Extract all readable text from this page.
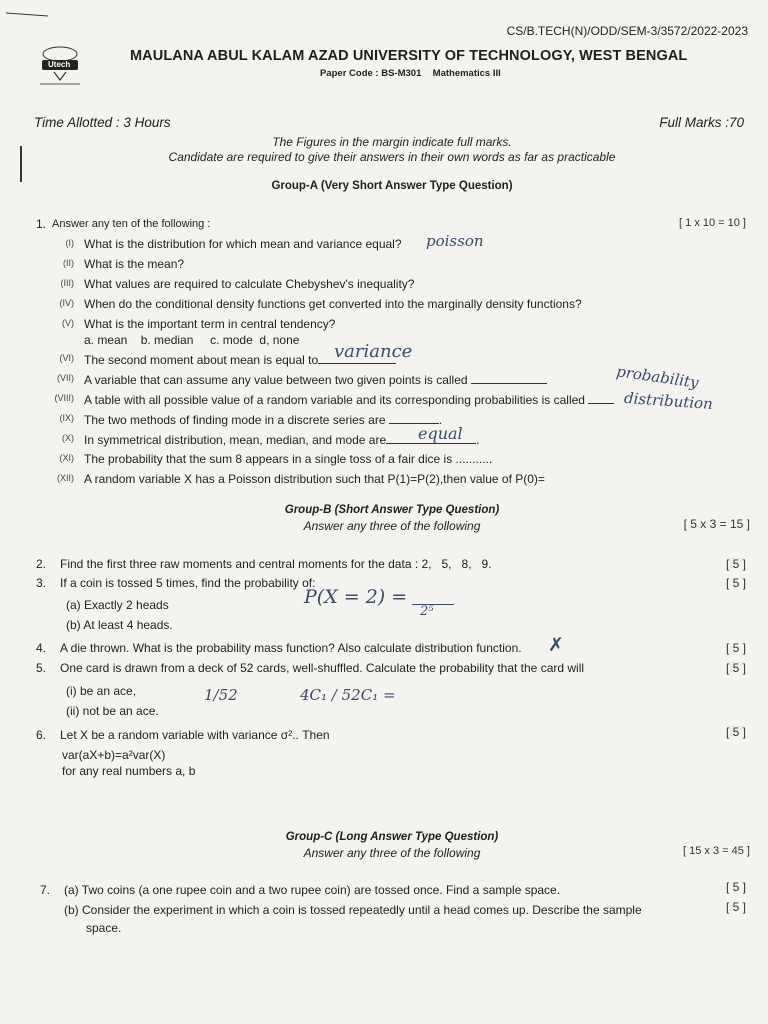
CS/B.TECH(N)/ODD/SEM-3/3572/2022-2023
Utech
MAULANA ABUL KALAM AZAD UNIVERSITY OF TECHNOLOGY, WEST BENGAL
Paper Code : BS-M301 Mathematics III
Time Allotted : 3 Hours	Full Marks :70
The Figures in the margin indicate full marks.
Candidate are required to give their answers in their own words as far as practicable
Group-A (Very Short Answer Type Question)
1. Answer any ten of the following :	[ 1 x 10 = 10 ]
(I) What is the distribution for which mean and variance equal? poisson
(II) What is the mean?
(III) What values are required to calculate Chebyshev's inequality?
(IV) When do the conditional density functions get converted into the marginally density functions?
(V) What is the important term in central tendency?
a. mean    b. median     c. mode  d, none
(VI) The second moment about mean is equal to variance
(VII) A variable that can assume any value between two given points is called	probability
distribution
(VIII) A table with all possible value of a random variable and its corresponding probabilities is called
(IX) The two methods of finding mode in a discrete series are	.
(X) In symmetrical distribution, mean, median, and mode are	.
equal
(XI) The probability that the sum 8 appears in a single toss of a fair dice is ...........
(XII) A random variable X has a Poisson distribution such that P(1)=P(2),then value of P(0)=
Group-B (Short Answer Type Question)
Answer any three of the following	[ 5 x 3 = 15 ]
2. Find the first three raw moments and central moments for the data : 2,   5,   8,   9.	[ 5 ]
3. If a coin is tossed 5 times, find the probability of:	[ 5 ]
(a) Exactly 2 heads
(b) At least 4 heads.
P(X = 2) =
2⁵
4. A die thrown. What is the probability mass function? Also calculate distribution function. ✗	[ 5 ]
5. One card is drawn from a deck of 52 cards, well-shuffled. Calculate the probability that the card will	[ 5 ]
(i) be an ace,
(ii) not be an ace.
1/52	4C₁ / 52C₁ =
6. Let X be a random variable with variance σ².. Then	[ 5 ]
var(aX+b)=a²var(X)
for any real numbers a, b
Group-C (Long Answer Type Question)
Answer any three of the following	[ 15 x 3 = 45 ]
7. (a) Two coins (a one rupee coin and a two rupee coin) are tossed once. Find a sample space.	[ 5 ]
(b) Consider the experiment in which a coin is tossed repeatedly until a head comes up. Describe the sample
space.
[ 5 ]
